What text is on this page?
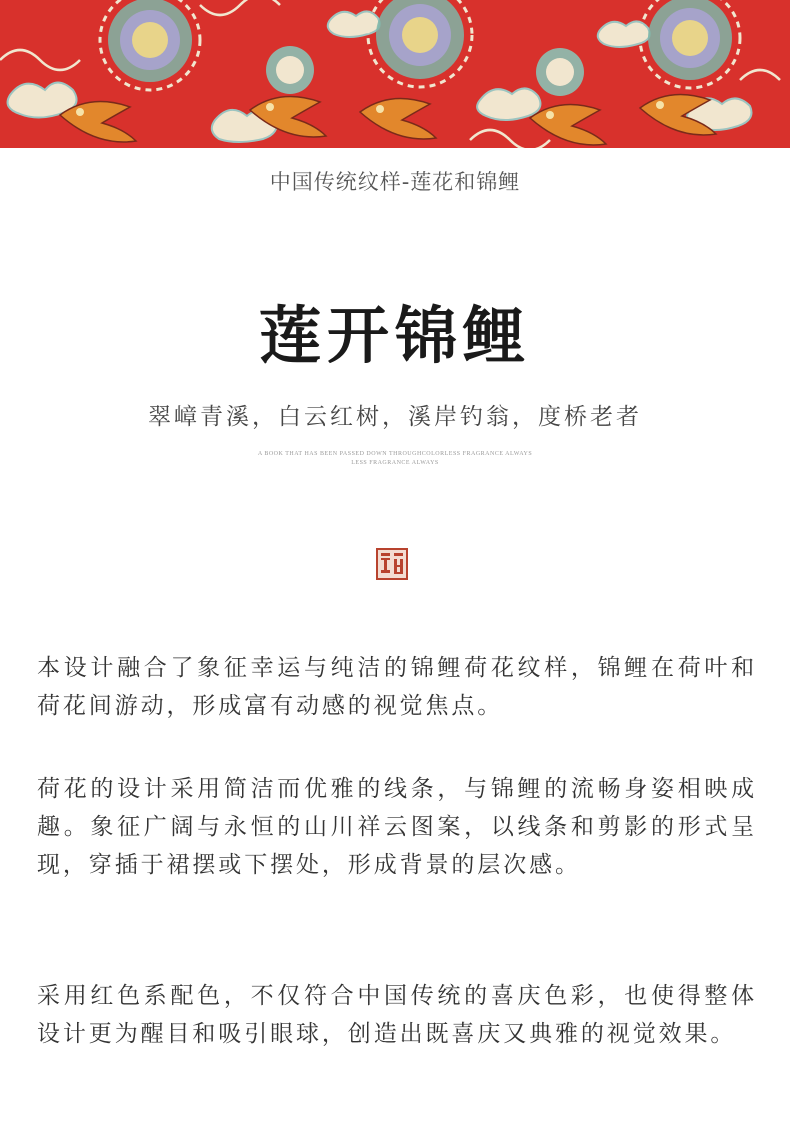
中国传统纹样-莲花和锦鲤
莲开锦鲤
翠嶂青溪，白云红树，溪岸钓翁，度桥老者
A BOOK THAT HAS BEEN PASSED DOWN THROUGHCOLORLESS FRAGRANCE ALWAYS
LESS FRAGRANCE ALWAYS
本设计融合了象征幸运与纯洁的锦鲤荷花纹样，锦鲤在荷叶和荷花间游动，形成富有动感的视觉焦点。
荷花的设计采用简洁而优雅的线条，与锦鲤的流畅身姿相映成趣。象征广阔与永恒的山川祥云图案，以线条和剪影的形式呈现，穿插于裙摆或下摆处，形成背景的层次感。
采用红色系配色，不仅符合中国传统的喜庆色彩，也使得整体设计更为醒目和吸引眼球，创造出既喜庆又典雅的视觉效果。
